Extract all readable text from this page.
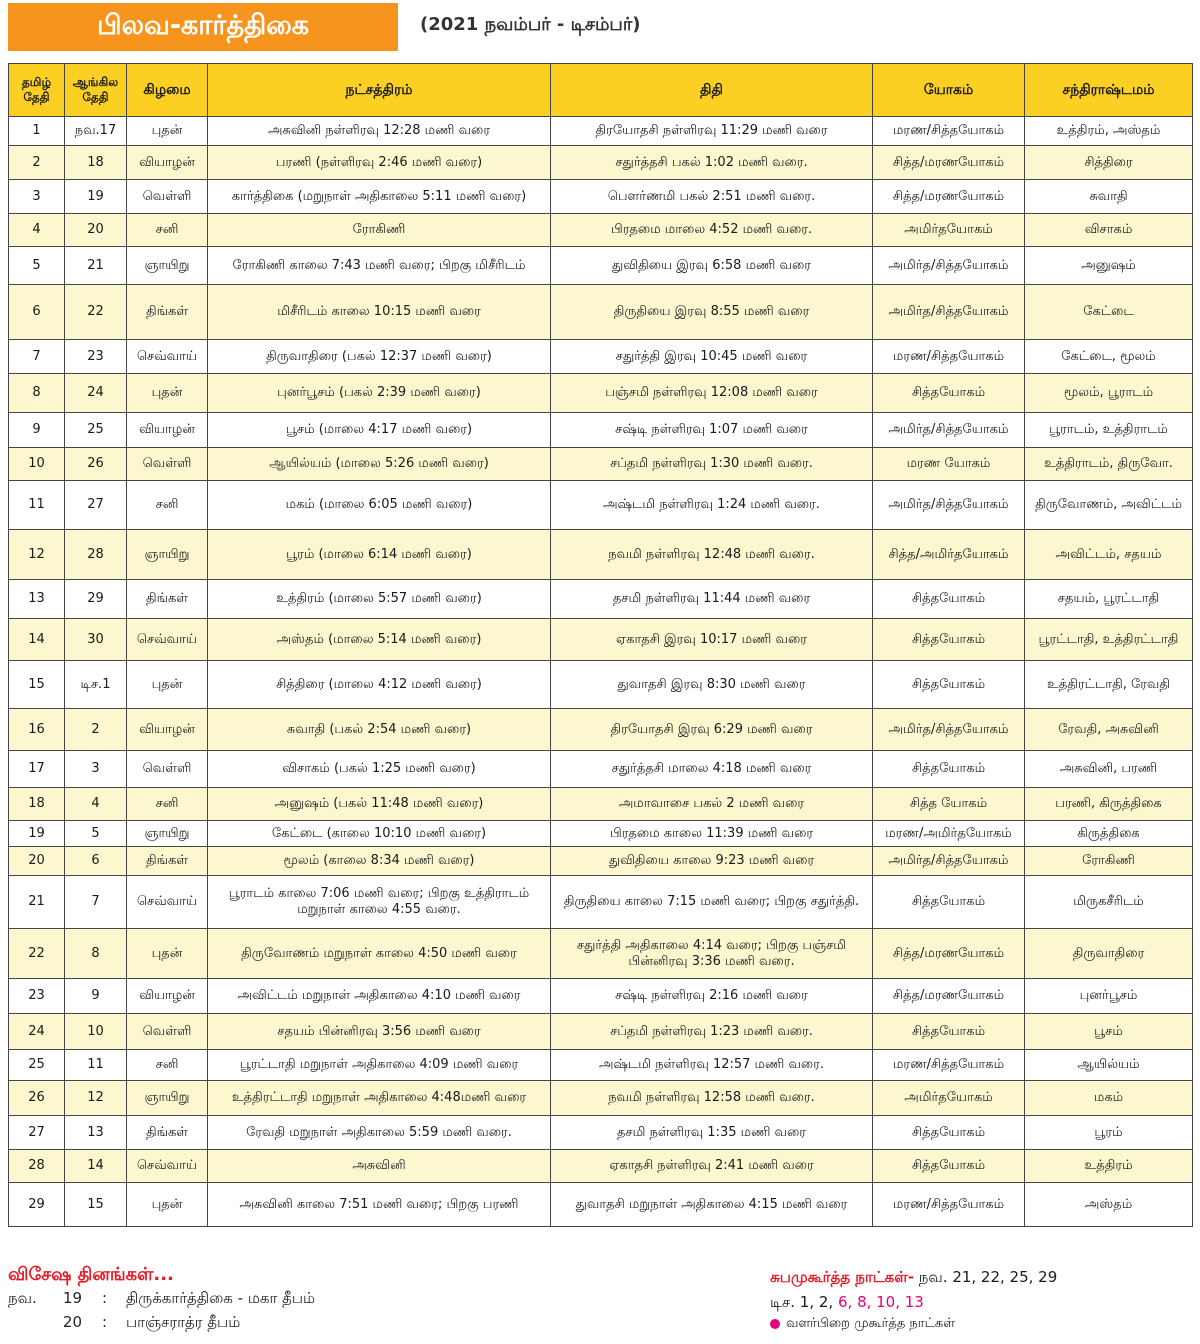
பிலவ-கார்த்திகை	(2021 நவம்பர் - டிசம்பர்)
தமிழ் தேதி	ஆங்கில தேதி	கிழமை	நட்சத்திரம்	திதி	யோகம்	சந்திராஷ்டமம்
1	நவ.17	புதன்	அசுவினி நள்ளிரவு 12:28 மணி வரை	திரயோதசி நள்ளிரவு 11:29 மணி வரை	மரண/சித்தயோகம்	உத்திரம், அஸ்தம்
2	18	வியாழன்	பரணி (நள்ளிரவு 2:46 மணி வரை)	சதுர்த்தசி பகல் 1:02 மணி வரை.	சித்த/மரணயோகம்	சித்திரை
3	19	வெள்ளி	கார்த்திகை (மறுநாள் அதிகாலை 5:11 மணி வரை)	பௌர்ணமி பகல் 2:51 மணி வரை.	சித்த/மரணயோகம்	சுவாதி
4	20	சனி	ரோகிணி	பிரதமை மாலை 4:52 மணி வரை.	அமிர்தயோகம்	விசாகம்
5	21	ஞாயிறு	ரோகிணி காலை 7:43 மணி வரை; பிறகு மிசீரிடம்	துவிதியை இரவு 6:58 மணி வரை	அமிர்த/சித்தயோகம்	அனுஷம்
6	22	திங்கள்	மிசீரிடம் காலை 10:15 மணி வரை	திருதியை இரவு 8:55 மணி வரை	அமிர்த/சித்தயோகம்	கேட்டை
7	23	செவ்வாய்	திருவாதிரை (பகல் 12:37 மணி வரை)	சதுர்த்தி இரவு 10:45 மணி வரை	மரண/சித்தயோகம்	கேட்டை, மூலம்
8	24	புதன்	புனர்பூசம் (பகல் 2:39 மணி வரை)	பஞ்சமி நள்ளிரவு 12:08 மணி வரை	சித்தயோகம்	மூலம், பூராடம்
9	25	வியாழன்	பூசம் (மாலை 4:17 மணி வரை)	சஷ்டி நள்ளிரவு 1:07 மணி வரை	அமிர்த/சித்தயோகம்	பூராடம், உத்திராடம்
10	26	வெள்ளி	ஆயில்யம் (மாலை 5:26 மணி வரை)	சப்தமி நள்ளிரவு 1:30 மணி வரை.	மரண யோகம்	உத்திராடம், திருவோ.
11	27	சனி	மகம் (மாலை 6:05 மணி வரை)	அஷ்டமி நள்ளிரவு 1:24 மணி வரை.	அமிர்த/சித்தயோகம்	திருவோணம், அவிட்டம்
12	28	ஞாயிறு	பூரம் (மாலை 6:14 மணி வரை)	நவமி நள்ளிரவு 12:48 மணி வரை.	சித்த/அமிர்தயோகம்	அவிட்டம், சதயம்
13	29	திங்கள்	உத்திரம் (மாலை 5:57 மணி வரை)	தசமி நள்ளிரவு 11:44 மணி வரை	சித்தயோகம்	சதயம், பூரட்டாதி
14	30	செவ்வாய்	அஸ்தம் (மாலை 5:14 மணி வரை)	ஏகாதசி இரவு 10:17 மணி வரை	சித்தயோகம்	பூரட்டாதி, உத்திரட்டாதி
15	டிச.1	புதன்	சித்திரை (மாலை 4:12 மணி வரை)	துவாதசி இரவு 8:30 மணி வரை	சித்தயோகம்	உத்திரட்டாதி, ரேவதி
16	2	வியாழன்	சுவாதி (பகல் 2:54 மணி வரை)	திரயோதசி இரவு 6:29 மணி வரை	அமிர்த/சித்தயோகம்	ரேவதி, அசுவினி
17	3	வெள்ளி	விசாகம் (பகல் 1:25 மணி வரை)	சதுர்த்தசி மாலை 4:18 மணி வரை	சித்தயோகம்	அசுவினி, பரணி
18	4	சனி	அனுஷம் (பகல் 11:48 மணி வரை)	அமாவாசை பகல் 2 மணி வரை	சித்த யோகம்	பரணி, கிருத்திகை
19	5	ஞாயிறு	கேட்டை (காலை 10:10 மணி வரை)	பிரதமை காலை 11:39 மணி வரை	மரண/அமிர்தயோகம்	கிருத்திகை
20	6	திங்கள்	மூலம் (காலை 8:34 மணி வரை)	துவிதியை காலை 9:23 மணி வரை	அமிர்த/சித்தயோகம்	ரோகிணி
21	7	செவ்வாய்	பூராடம் காலை 7:06 மணி வரை; பிறகு உத்திராடம் மறுநாள் காலை 4:55 வரை.	திருதியை காலை 7:15 மணி வரை; பிறகு சதுர்த்தி.	சித்தயோகம்	மிருகசீரிடம்
22	8	புதன்	திருவோணம் மறுநாள் காலை 4:50 மணி வரை	சதுர்த்தி அதிகாலை 4:14 வரை; பிறகு பஞ்சமி பின்னிரவு 3:36 மணி வரை.	சித்த/மரணயோகம்	திருவாதிரை
23	9	வியாழன்	அவிட்டம் மறுநாள் அதிகாலை 4:10 மணி வரை	சஷ்டி நள்ளிரவு 2:16 மணி வரை	சித்த/மரணயோகம்	புனர்பூசம்
24	10	வெள்ளி	சதயம் பின்னிரவு 3:56 மணி வரை	சப்தமி நள்ளிரவு 1:23 மணி வரை.	சித்தயோகம்	பூசம்
25	11	சனி	பூரட்டாதி மறுநாள் அதிகாலை 4:09 மணி வரை	அஷ்டமி நள்ளிரவு 12:57 மணி வரை.	மரண/சித்தயோகம்	ஆயில்யம்
26	12	ஞாயிறு	உத்திரட்டாதி மறுநாள் அதிகாலை 4:48மணி வரை	நவமி நள்ளிரவு 12:58 மணி வரை.	அமிர்தயோகம்	மகம்
27	13	திங்கள்	ரேவதி மறுநாள் அதிகாலை 5:59 மணி வரை.	தசமி நள்ளிரவு 1:35 மணி வரை	சித்தயோகம்	பூரம்
28	14	செவ்வாய்	அசுவினி	ஏகாதசி நள்ளிரவு 2:41 மணி வரை	சித்தயோகம்	உத்திரம்
29	15	புதன்	அசுவினி காலை 7:51 மணி வரை; பிறகு பரணி	துவாதசி மறுநாள் அதிகாலை 4:15 மணி வரை	மரண/சித்தயோகம்	அஸ்தம்
விசேஷ தினங்கள்...
நவ.	19 : திருக்கார்த்திகை - மகா தீபம்
20 : பாஞ்சராத்ர தீபம்
சுபமுகூர்த்த நாட்கள்- நவ. 21, 22, 25, 29
டிச. 1, 2, 6, 8, 10, 13
வளர்பிறை முகூர்த்த நாட்கள்
